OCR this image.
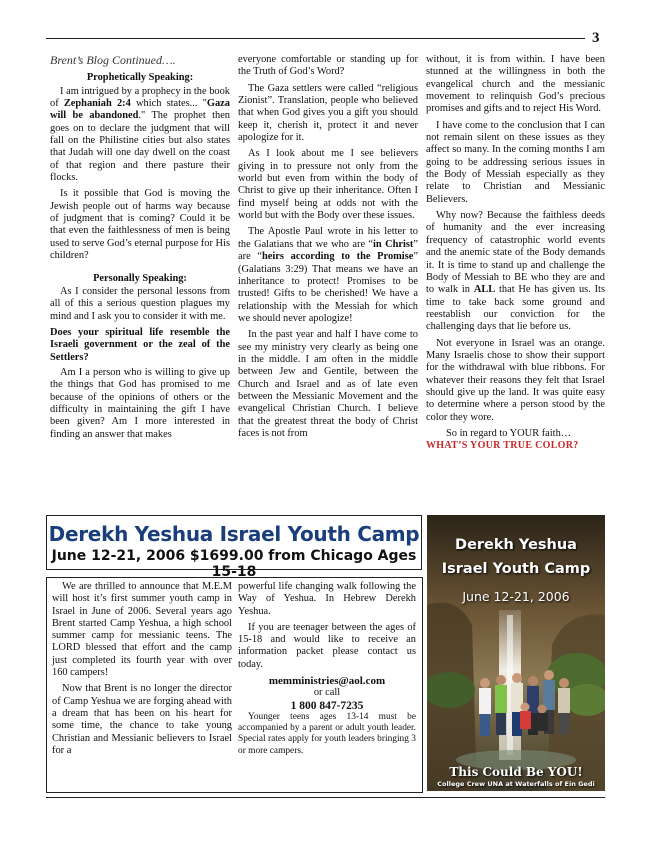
3

Brent’s Blog Continued….

Prophetically Speaking:

I am intrigued by a prophecy in the book of Zephaniah 2:4 which states... "Gaza will be abandoned." The prophet then goes on to declare the judgment that will fall on the Philistine cities but also states that Judah will one day dwell on the coast of that region and there pasture their flocks.

Is it possible that God is moving the Jewish people out of harms way because of judgment that is coming? Could it be that even the faithlessness of men is being used to serve God’s eternal purpose for His children?

Personally Speaking:

As I consider the personal lessons from all of this a serious question plagues my mind and I ask you to consider it with me.

Does your spiritual life resemble the Israeli government or the zeal of the Settlers?

Am I a person who is willing to give up the things that God has promised to me because of the opinions of others or the difficulty in maintaining the gift I have been given? Am I more interested in finding an answer that makes

everyone comfortable or standing up for the Truth of God’s Word?

The Gaza settlers were called “religious Zionist”. Translation, people who believed that when God gives you a gift you should keep it, cherish it, protect it and never apologize for it.

As I look about me I see believers giving in to pressure not only from the world but even from within the body of Christ to give up their inheritance. Often I find myself being at odds not with the world but with the Body over these issues.

The Apostle Paul wrote in his letter to the Galatians that we who are “in Christ” are “heirs according to the Promise” (Galatians 3:29) That means we have an inheritance to protect! Promises to be trusted! Gifts to be cherished! We have a relationship with the Messiah for which we should never apologize!

In the past year and half I have come to see my ministry very clearly as being one in the middle. I am often in the middle between Jew and Gentile, between the Church and Israel and as of late even between the Messianic Movement and the evangelical Christian Church. I believe that the greatest threat the body of Christ faces is not from

without, it is from within. I have been stunned at the willingness in both the evangelical church and the messianic movement to relinquish God’s precious promises and gifts and to reject His Word.

I have come to the conclusion that I can not remain silent on these issues as they affect so many. In the coming months I am going to be addressing serious issues in the Body of Messiah especially as they relate to Christian and Messianic Believers.

Why now? Because the faithless deeds of humanity and the ever increasing frequency of catastrophic world events and the anemic state of the Body demands it. It is time to stand up and challenge the Body of Messiah to BE who they are and to walk in ALL that He has given us. Its time to take back some ground and reestablish our conviction for the challenging days that lie before us.

Not everyone in Israel was an orange. Many Israelis chose to show their support for the withdrawal with blue ribbons. For whatever their reasons they felt that Israel should give up the land. It was quite easy to determine where a person stood by the color they wore.

So in regard to YOUR faith…

WHAT’S YOUR TRUE COLOR?
Derekh Yeshua Israel Youth Camp
June 12-21, 2006 $1699.00 from Chicago Ages 15-18

We are thrilled to announce that M.E.M will host it’s first summer youth camp in Israel in June of 2006. Several years ago Brent started Camp Yeshua, a high school summer camp for messianic teens. The LORD blessed that effort and the camp just completed its fourth year with over 160 campers!

Now that Brent is no longer the director of Camp Yeshua we are forging ahead with a dream that has been on his heart for some time, the chance to take young Christian and Messianic believers to Israel for a

powerful life changing walk following the Way of Yeshua. In Hebrew Derekh Yeshua.

If you are teenager between the ages of 15-18 and would like to receive an information packet please contact us today.

memministries@aol.com

or call

1 800 847-7235

Younger teens ages 13-14 must be accompanied by a parent or adult youth leader. Special rates apply for youth leaders bringing 3 or more campers.

Derekh Yeshua
Israel Youth Camp
June 12-21, 2006
This Could Be YOU!
College Crew UNA at Waterfalls of Ein Gedi
